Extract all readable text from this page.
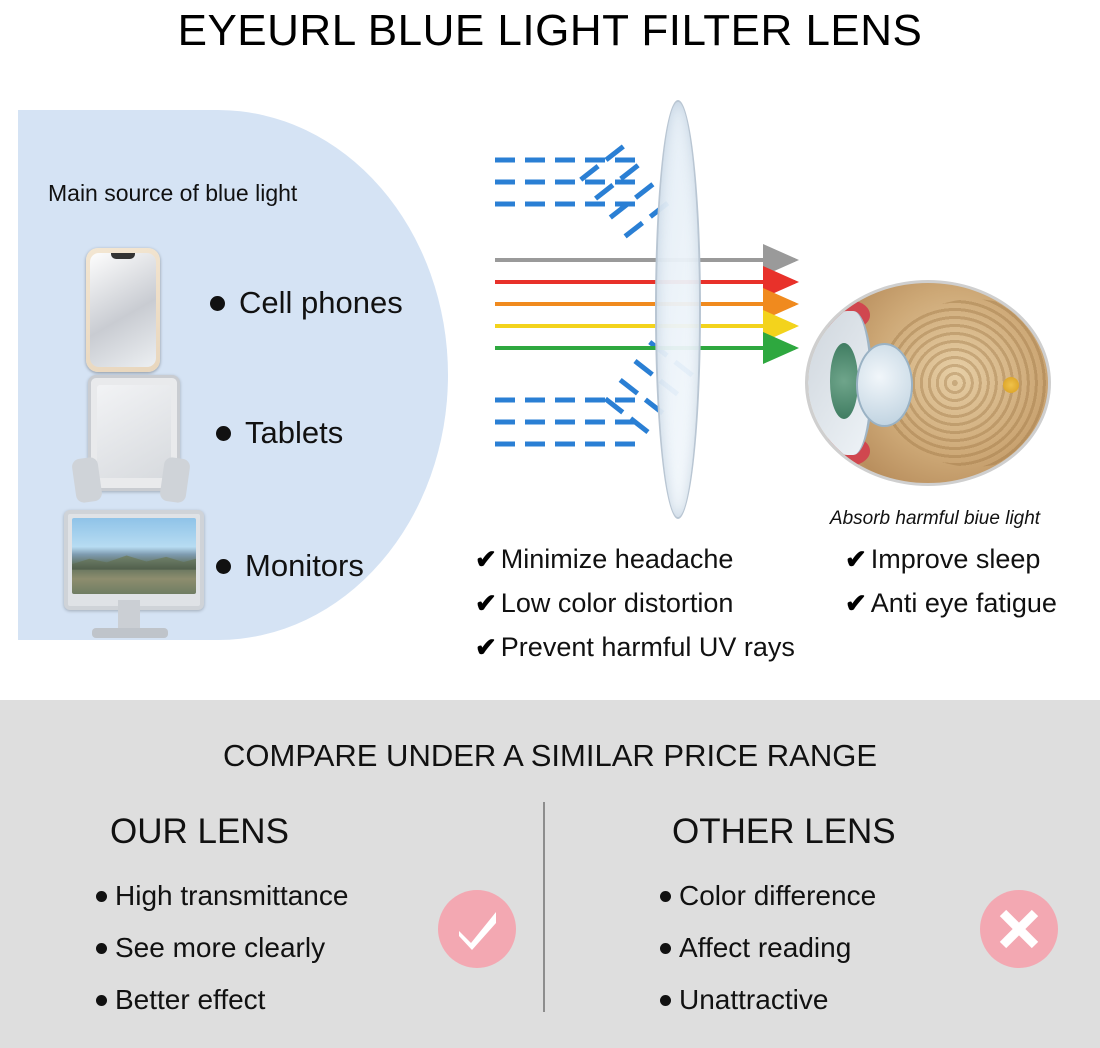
EYEURL BLUE LIGHT FILTER LENS
Main source of blue light
Cell phones
Tablets
Monitors
Absorb harmful biue light
✔ Minimize headache	✔ Improve sleep
✔ Low color distortion	✔ Anti eye fatigue
✔ Prevent harmful UV rays
COMPARE UNDER A SIMILAR PRICE RANGE
OUR LENS	OTHER LENS
High transmittance
See more clearly
Better effect
Color difference
Affect reading
Unattractive
